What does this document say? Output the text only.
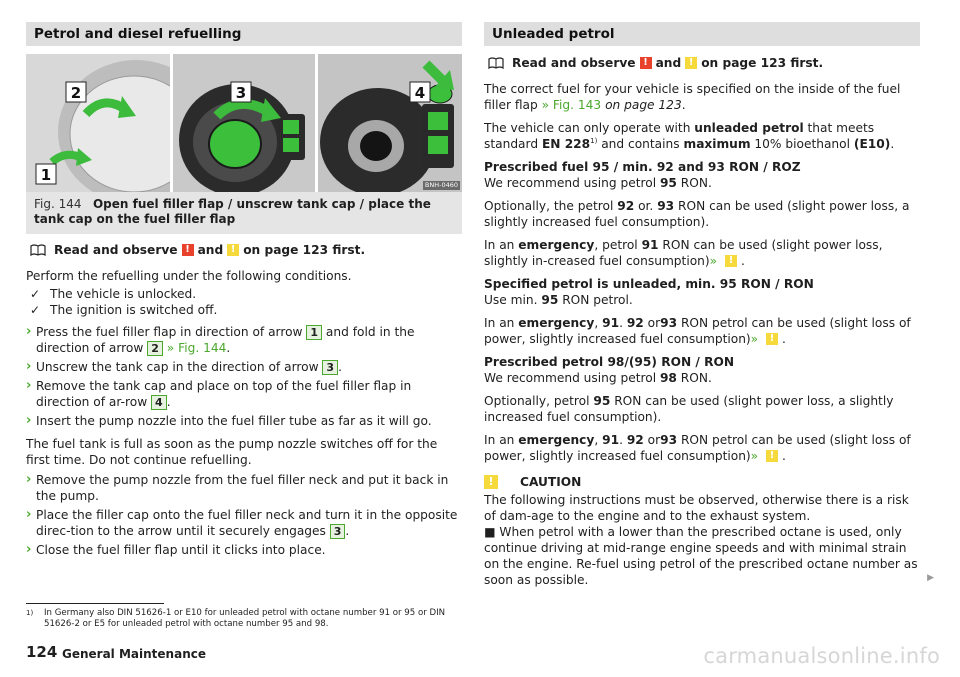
Petrol and diesel refuelling
2
1
3	4
BNH-0460
Fig. 144 Open fuel filler flap / unscrew tank cap / place the tank cap on the fuel filler flap
Read and observe ! and ! on page 123 first.

Perform the refuelling under the following conditions.

✓ The vehicle is unlocked.
✓ The ignition is switched off.
› Press the fuel filler flap in direction of arrow 1 and fold in the direction of arrow 2 » Fig. 144.
› Unscrew the tank cap in the direction of arrow 3 .
› Remove the tank cap and place on top of the fuel filler flap in direction of ar-row 4 .
› Insert the pump nozzle into the fuel filler tube as far as it will go.

The fuel tank is full as soon as the pump nozzle switches off for the first time. Do not continue refuelling.

› Remove the pump nozzle from the fuel filler neck and put it back in the pump.
› Place the filler cap onto the fuel filler neck and turn it in the opposite direc-tion to the arrow until it securely engages 3 .
› Close the fuel filler flap until it clicks into place.
Unleaded petrol
Read and observe ! and ! on page 123 first.

The correct fuel for your vehicle is specified on the inside of the fuel filler flap » Fig. 143 on page 123.

The vehicle can only operate with unleaded petrol that meets standard EN 228$^{1)}$ and contains maximum 10% bioethanol (E10).

Prescribed fuel 95 / min. 92 and 93 RON / ROZ
We recommend using petrol 95 RON.

Optionally, the petrol 92 or. 93 RON can be used (slight power loss, a slightly increased fuel consumption).

In an emergency, petrol 91 RON can be used (slight power loss, slightly in-creased fuel consumption)»	! .

Specified petrol is unleaded, min. 95 RON / RON
Use min. 95 RON petrol.

In an emergency, 91. 92 or93 RON petrol can be used (slight loss of power, slightly increased fuel consumption)»	! .

Prescribed petrol 98/(95) RON / RON
We recommend using petrol 98 RON.

Optionally, petrol 95 RON can be used (slight power loss, a slightly increased fuel consumption).

In an emergency, 91. 92 or93 RON petrol can be used (slight loss of power, slightly increased fuel consumption)»	! .

!	CAUTION

The following instructions must be observed, otherwise there is a risk of dam-age to the engine and to the exhaust system.

■ When petrol with a lower than the prescribed octane is used, only continue driving at mid-range engine speeds and with minimal strain on the engine. Re-fuel using petrol of the prescribed octane number as soon as possible.	▶
1)	In Germany also DIN 51626-1 or E10 for unleaded petrol with octane number 91 or 95 or DIN 51626-2 or E5 for unleaded petrol with octane number 95 and 98.
124 General Maintenance	carmanualsonline.info
